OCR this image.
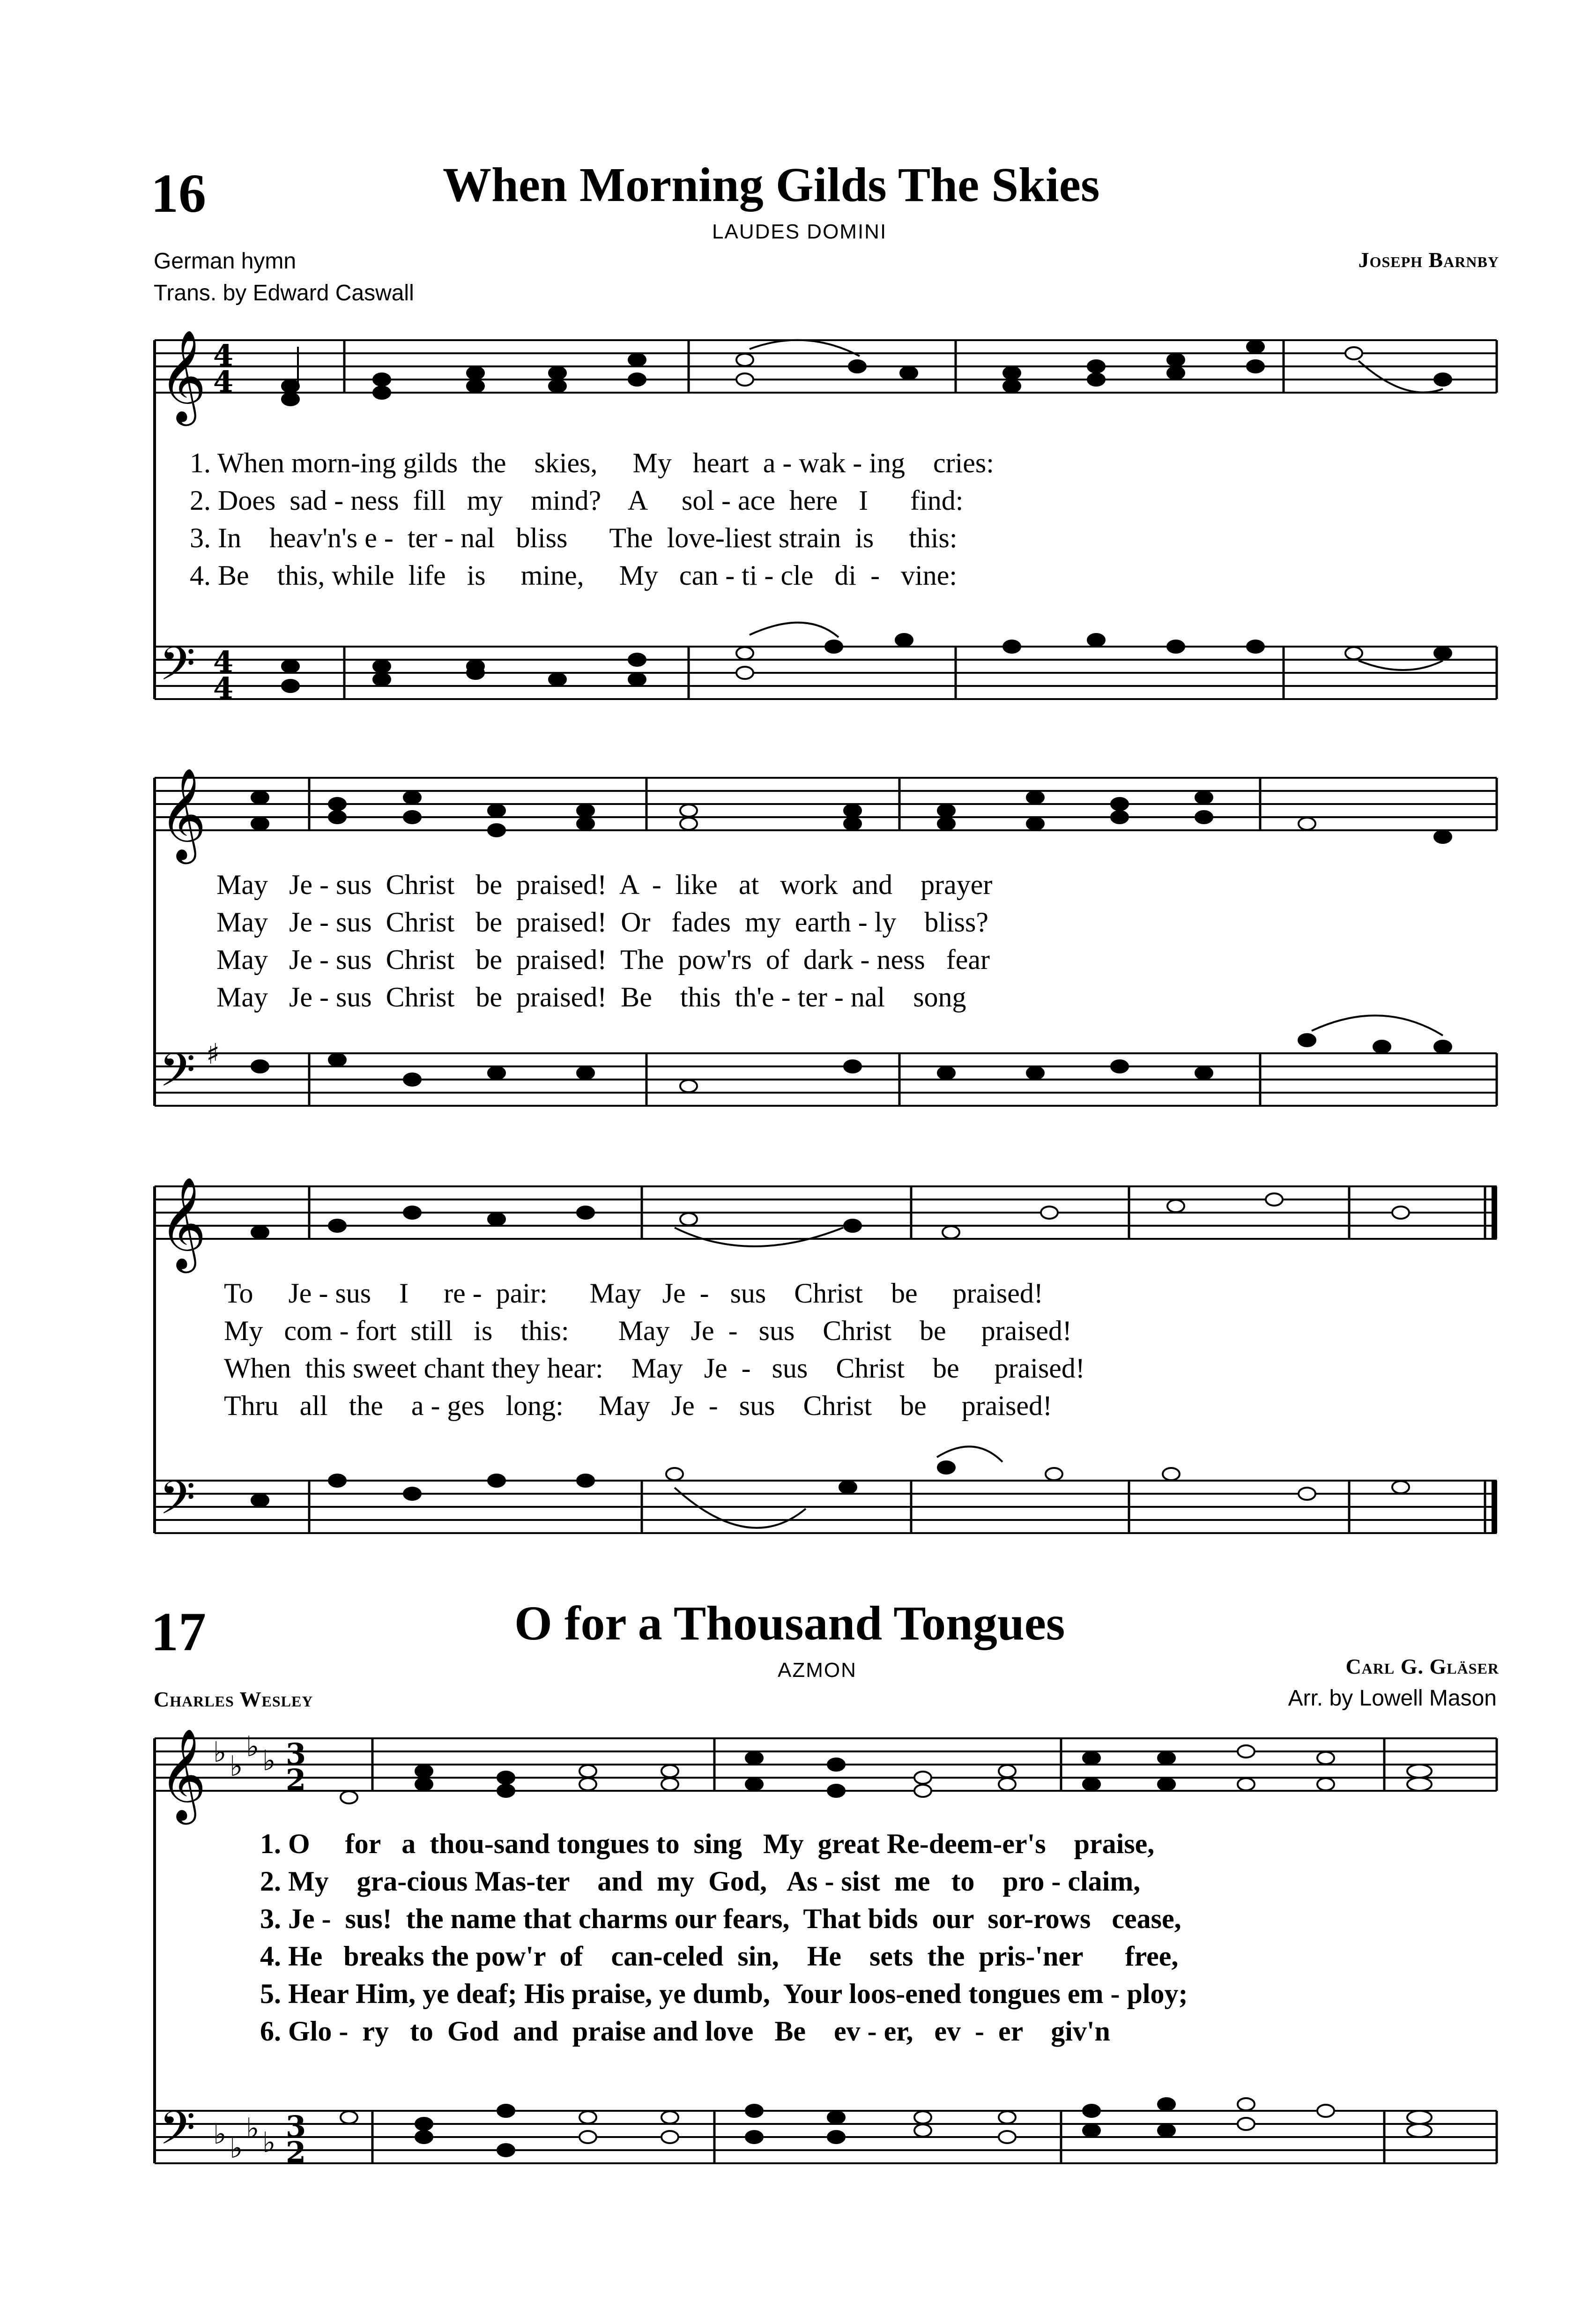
16	When Morning Gilds The Skies
LAUDES DOMINI
German hymn
Trans. by Edward Caswall
Joseph Barnby
𝄞
𝄢
𝄞
𝄢
𝄞
𝄢
𝄞
𝄢
4
4
4
4
♯
♭ ♭
♭ ♭ 3
2
♭ ♭
♭ ♭ 3
2
1. When morn-ing gilds  the    skies,     My   heart  a - wak - ing    cries:
2. Does  sad - ness  fill   my    mind?    A     sol - ace  here   I      find:
3. In    heav'n's e -  ter - nal   bliss      The  love-liest strain  is     this:
4. Be    this, while  life   is     mine,     My   can - ti - cle   di  -   vine:
May   Je - sus  Christ   be  praised!  A  -  like   at   work  and    prayer
May   Je - sus  Christ   be  praised!  Or   fades  my  earth - ly    bliss?
May   Je - sus  Christ   be  praised!  The  pow'rs  of  dark - ness   fear
May   Je - sus  Christ   be  praised!  Be    this  th'e - ter - nal    song
To     Je - sus    I     re -  pair:      May   Je  -   sus    Christ    be     praised!
My   com - fort  still   is    this:       May   Je  -   sus    Christ    be     praised!
When  this sweet chant they hear:    May   Je  -   sus    Christ    be     praised!
Thru   all   the    a - ges   long:     May   Je  -   sus    Christ    be     praised!
17	O for a Thousand Tongues
AZMON
Charles Wesley
Carl G. Gläser
Arr. by Lowell Mason
1. O     for   a  thou-sand tongues to  sing   My  great Re-deem-er's    praise,
2. My    gra-cious Mas-ter    and  my  God,   As - sist  me   to    pro - claim,
3. Je -  sus!  the name that charms our fears,  That bids  our  sor-rows   cease,
4. He   breaks the pow'r  of    can-celed  sin,    He    sets  the  pris-'ner      free,
5. Hear Him, ye deaf; His praise, ye dumb,  Your loos-ened tongues em - ploy;
6. Glo -  ry   to  God  and  praise and love   Be    ev - er,   ev  -  er    giv'n
